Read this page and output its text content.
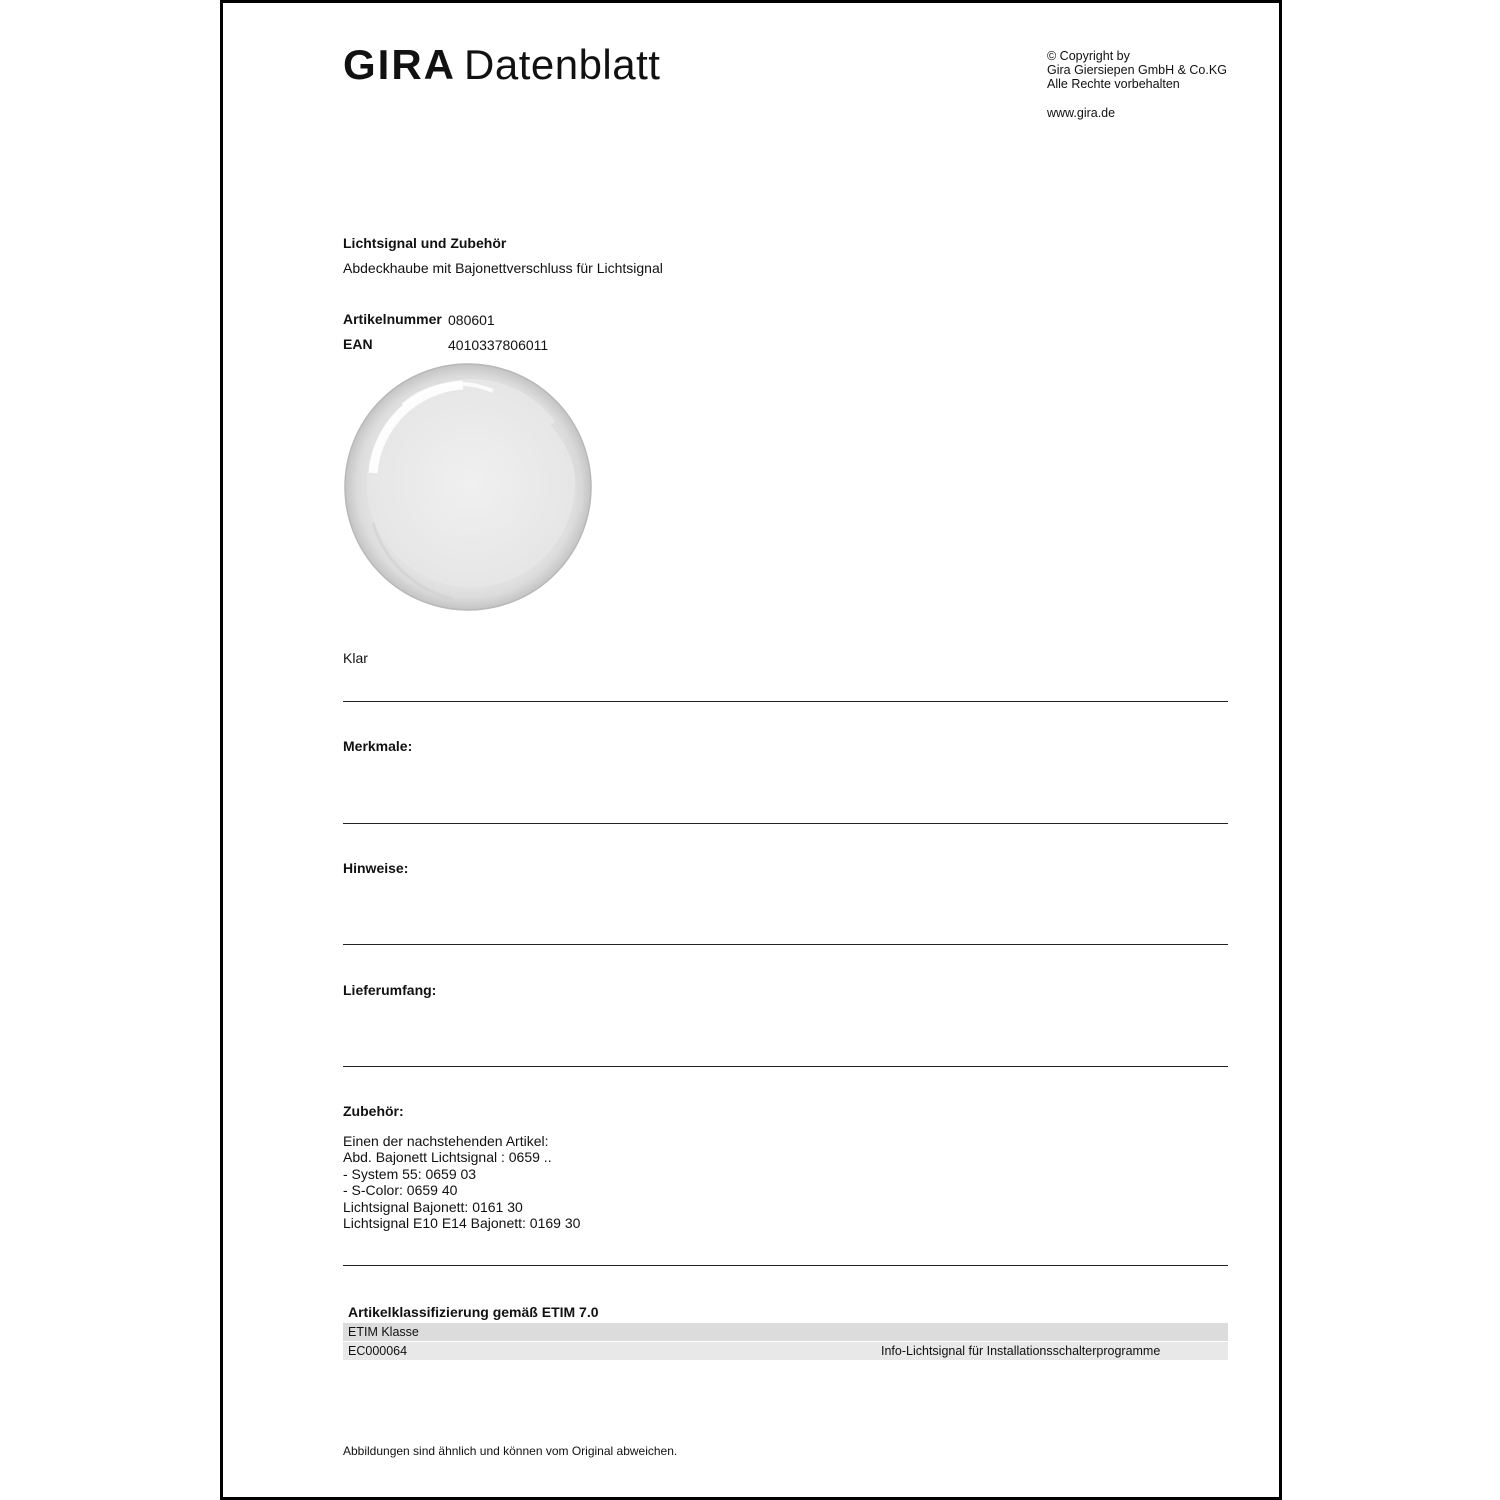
GIRA Datenblatt	© Copyright by
Gira Giersiepen GmbH & Co.KG
Alle Rechte vorbehalten
www.gira.de
Lichtsignal und Zubehör
Abdeckhaube mit Bajonettverschluss für Lichtsignal
Artikelnummer 080601
EAN	4010337806011
Klar
Merkmale:
Hinweise:
Lieferumfang:
Zubehör:
Einen der nachstehenden Artikel:
Abd. Bajonett Lichtsignal : 0659 ..
- System 55: 0659 03
- S-Color: 0659 40
Lichtsignal Bajonett: 0161 30
Lichtsignal E10 E14 Bajonett: 0169 30
Artikelklassifizierung gemäß ETIM 7.0
ETIM Klasse
EC000064	Info-Lichtsignal für Installationsschalterprogramme
Abbildungen sind ähnlich und können vom Original abweichen.
